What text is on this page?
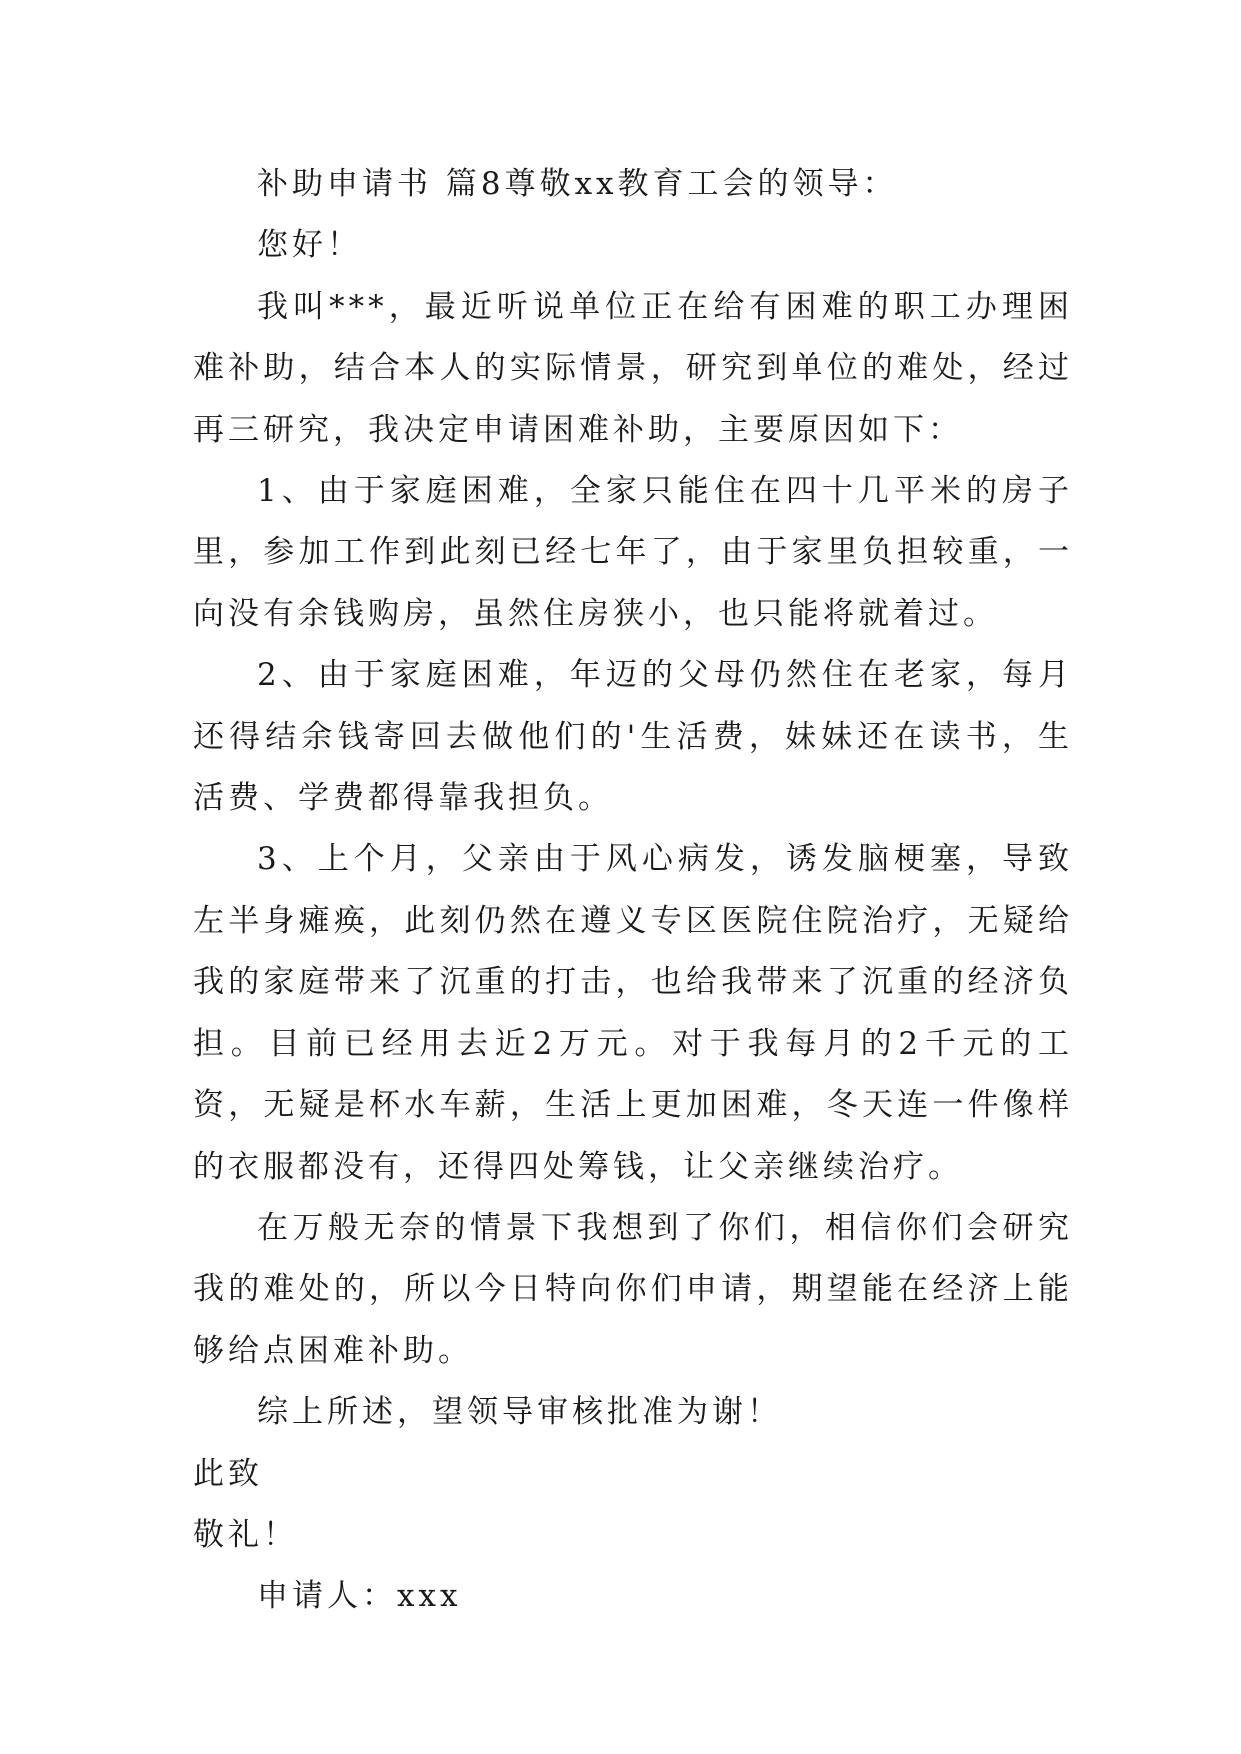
补助申请书 篇8尊敬xx教育工会的领导：

您好！

我叫***，最近听说单位正在给有困难的职工办理困难补助，结合本人的实际情景，研究到单位的难处，经过再三研究，我决定申请困难补助，主要原因如下：

1、由于家庭困难，全家只能住在四十几平米的房子里，参加工作到此刻已经七年了，由于家里负担较重，一向没有余钱购房，虽然住房狭小，也只能将就着过。

2、由于家庭困难，年迈的父母仍然住在老家，每月还得结余钱寄回去做他们的'生活费，妹妹还在读书，生活费、学费都得靠我担负。

3、上个月，父亲由于风心病发，诱发脑梗塞，导致左半身瘫痪，此刻仍然在遵义专区医院住院治疗，无疑给我的家庭带来了沉重的打击，也给我带来了沉重的经济负担。目前已经用去近2万元。对于我每月的2千元的工资，无疑是杯水车薪，生活上更加困难，冬天连一件像样的衣服都没有，还得四处筹钱，让父亲继续治疗。

在万般无奈的情景下我想到了你们，相信你们会研究我的难处的，所以今日特向你们申请，期望能在经济上能够给点困难补助。

综上所述，望领导审核批准为谢！

此致

敬礼！

申请人：xxx
